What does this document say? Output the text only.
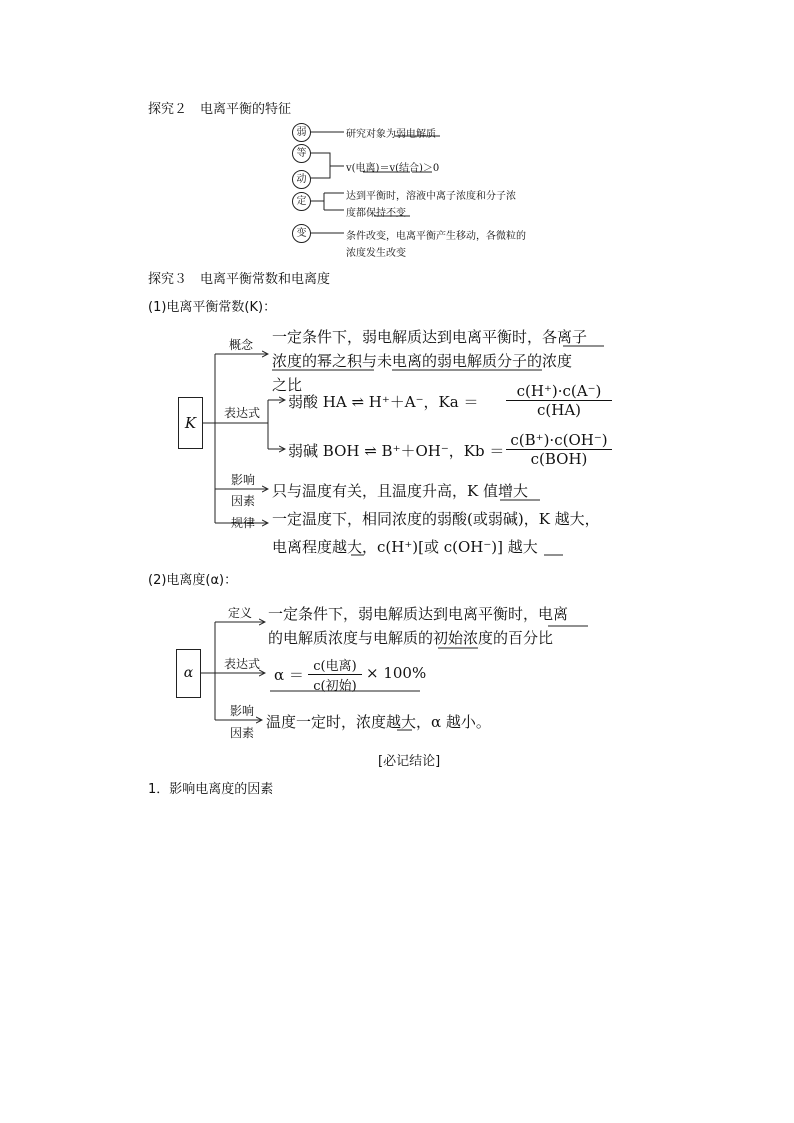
探究２　电离平衡的特征
弱
等
动
定
变
研究对象为弱电解质
v(电离)＝v(结合)＞0
达到平衡时，溶液中离子浓度和分子浓
度都保持不变
条件改变，电离平衡产生移动，各微粒的
浓度发生改变
探究３　电离平衡常数和电离度
(1)电离平衡常数(K)：
K
概念 一定条件下，弱电解质达到电离平衡时，各离子
浓度的幂之积与未电离的弱电解质分子的浓度
之比
表达式
弱酸 HA ⇌ H⁺＋A⁻，$Ka = \frac{c(H^+)\cdot c(A^-)}{c(HA)}$
弱碱 BOH ⇌ B⁺＋OH⁻，Kb ＝
c(B⁺)·c(OH⁻)
c(BOH)
影响
因素
只与温度有关，且温度升高，K 值增大
规律 一定温度下，相同浓度的弱酸(或弱碱)，K 越大，
电离程度越大，c(H⁺)[或 c(OH⁻)] 越大
(2)电离度(α)：
α
定义 一定条件下，弱电解质达到电离平衡时，电离
的电解质浓度与电解质的初始浓度的百分比
表达式
α ＝ c(电离)
c(初始)
× 100%
影响
因素
温度一定时，浓度越大，α 越小。
[必记结论]
1．影响电离度的因素
